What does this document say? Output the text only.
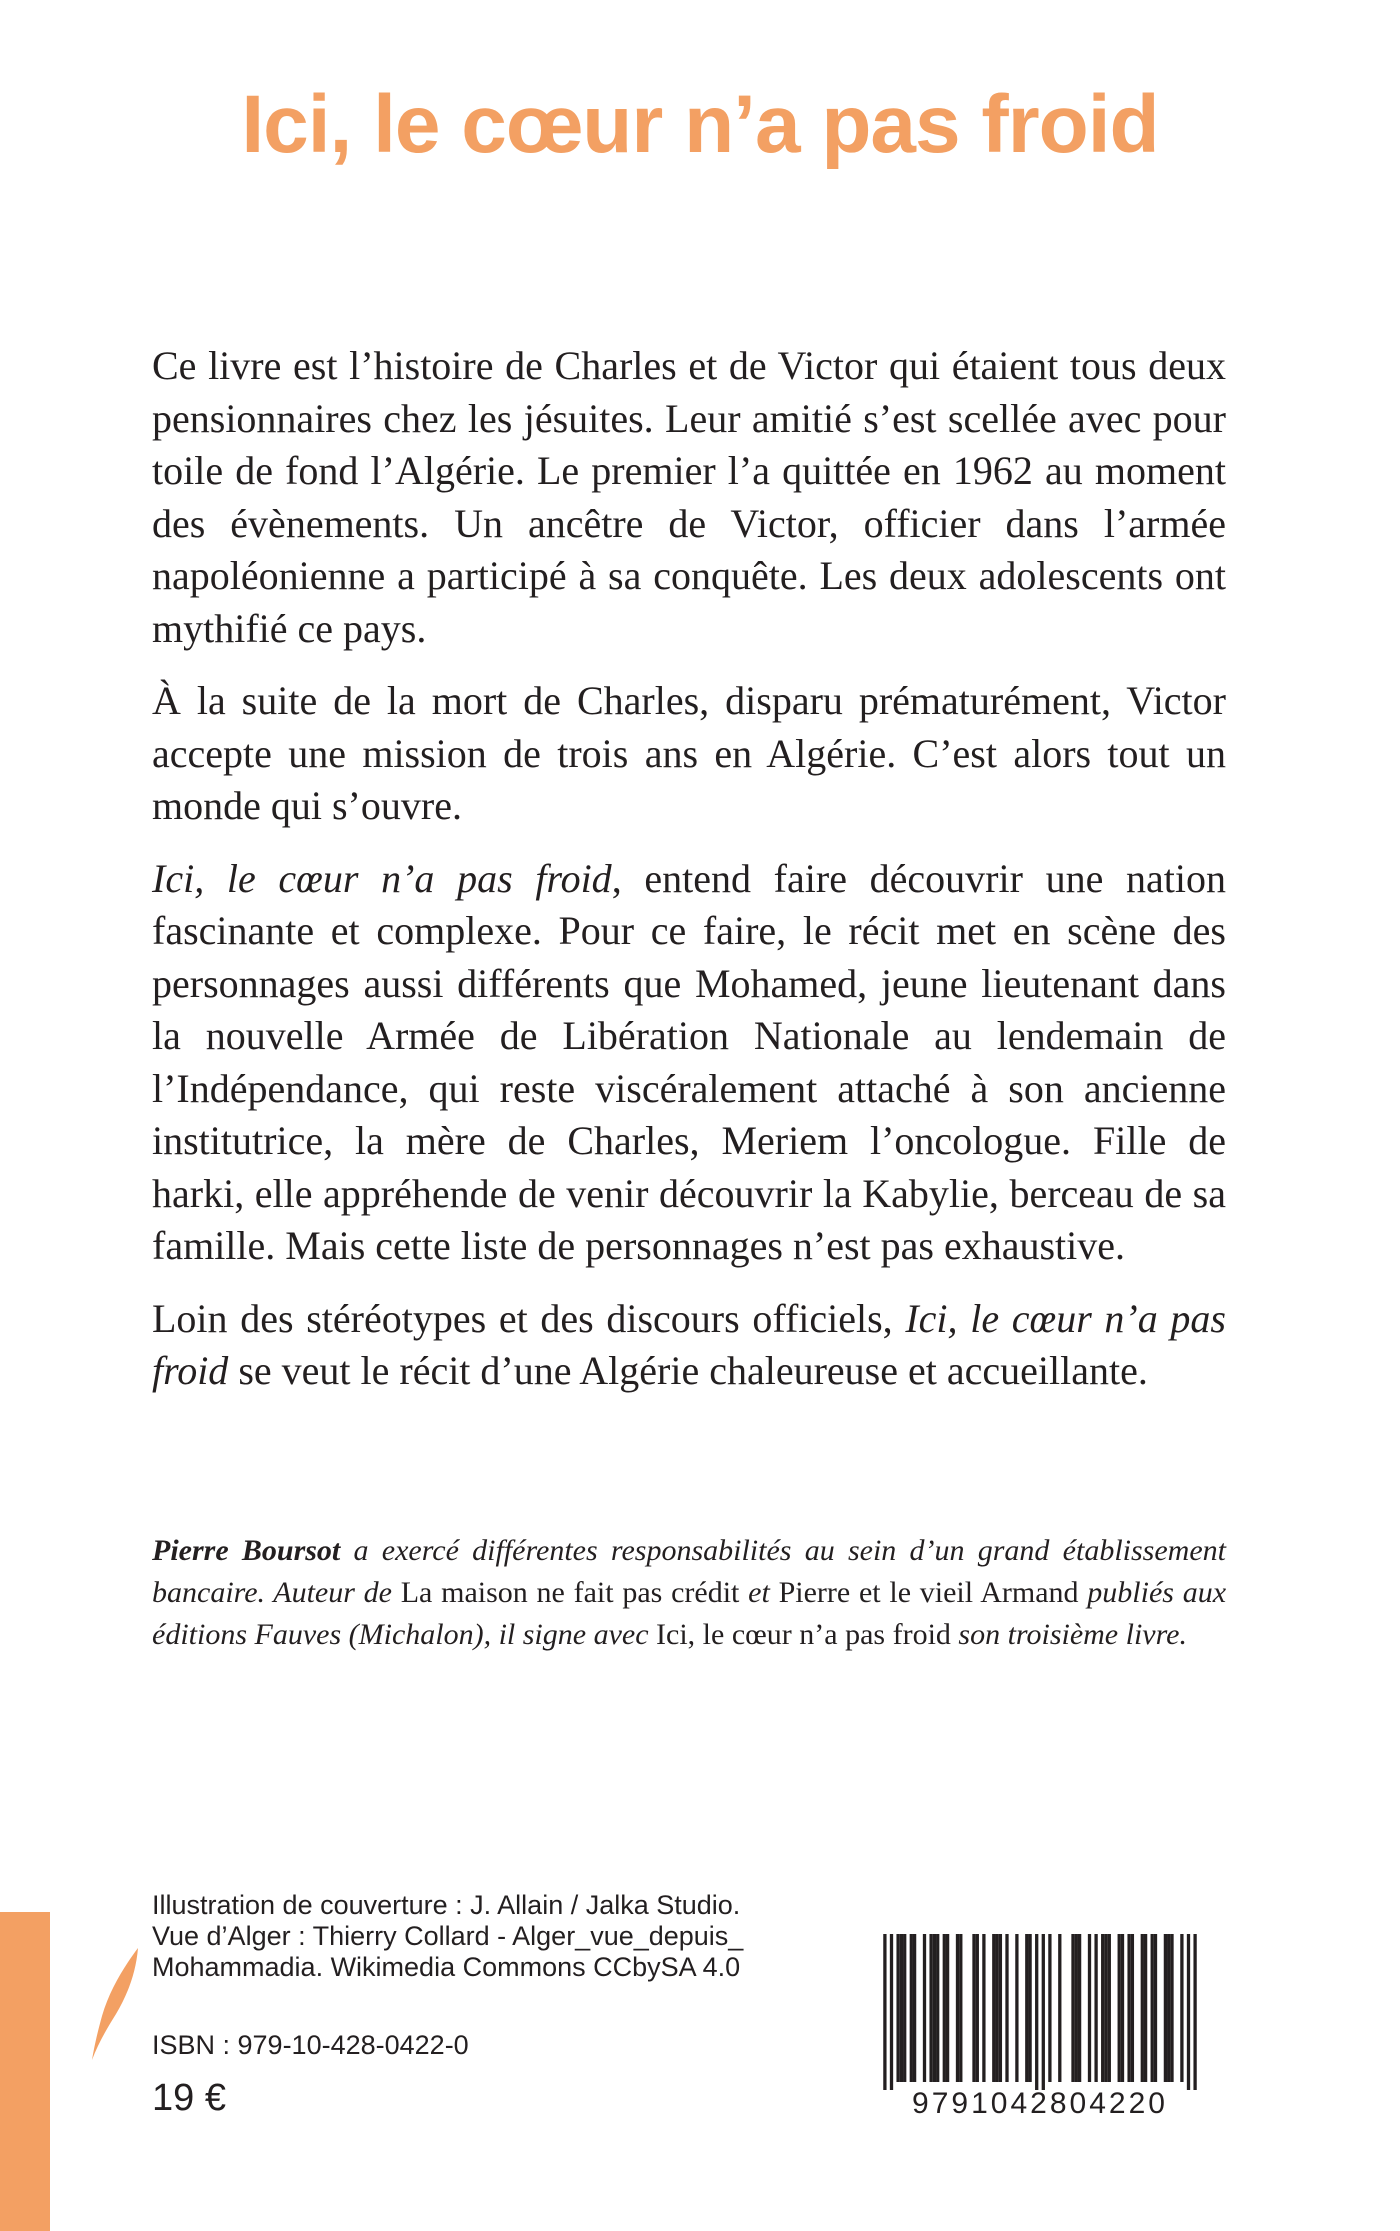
Ici, le cœur n’a pas froid

Ce livre est l’histoire de Charles et de Victor qui étaient tous deux pensionnaires chez les jésuites. Leur amitié s’est scellée avec pour toile de fond l’Algérie. Le premier l’a quittée en 1962 au moment des évènements. Un ancêtre de Victor, officier dans l’armée napoléonienne a participé à sa conquête. Les deux adolescents ont mythifié ce pays.

À la suite de la mort de Charles, disparu prématurément, Victor accepte une mission de trois ans en Algérie. C’est alors tout un monde qui s’ouvre.

Ici, le cœur n’a pas froid, entend faire découvrir une nation fascinante et complexe. Pour ce faire, le récit met en scène des personnages aussi différents que Mohamed, jeune lieutenant dans la nouvelle Armée de Libération Nationale au lendemain de l’Indépendance, qui reste viscéralement attaché à son ancienne institutrice, la mère de Charles, Meriem l’oncologue. Fille de harki, elle appréhende de venir découvrir la Kabylie, berceau de sa famille. Mais cette liste de personnages n’est pas exhaustive.

Loin des stéréotypes et des discours officiels, Ici, le cœur n’a pas froid se veut le récit d’une Algérie chaleureuse et accueillante.

Pierre Boursot a exercé différentes responsabilités au sein d’un grand établissement bancaire. Auteur de La maison ne fait pas crédit et Pierre et le vieil Armand publiés aux éditions Fauves (Michalon), il signe avec Ici, le cœur n’a pas froid son troisième livre.

Illustration de couverture : J. Allain / Jalka Studio.
Vue d’Alger : Thierry Collard - Alger_vue_depuis_
Mohammadia. Wikimedia Commons CCbySA 4.0
ISBN : 979-10-428-0422-0
19 €	9791042804220
